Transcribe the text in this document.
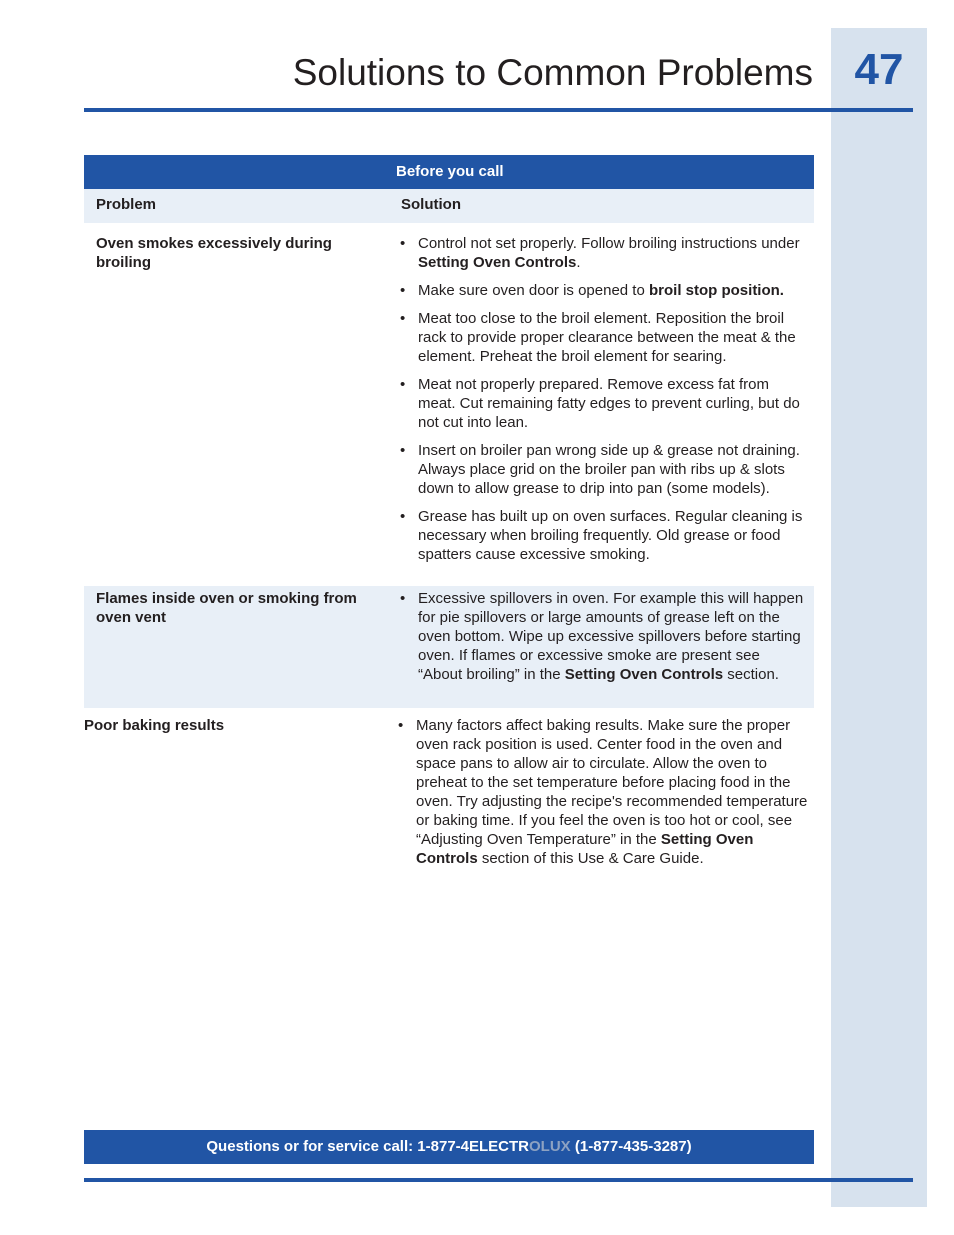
47
Solutions to Common Problems
Before you call
Problem	Solution
Oven smokes excessively during broiling
• Control not set properly. Follow broiling instructions under Setting Oven Controls.
• Make sure oven door is opened to broil stop position.
• Meat too close to the broil element. Reposition the broil rack to provide proper clearance between the meat & the element. Preheat the broil element for searing.
• Meat not properly prepared. Remove excess fat from meat. Cut remaining fatty edges to prevent curling, but do not cut into lean.
• Insert on broiler pan wrong side up & grease not draining. Always place grid on the broiler pan with ribs up & slots down to allow grease to drip into pan (some models).
• Grease has built up on oven surfaces. Regular cleaning is necessary when broiling frequently. Old grease or food spatters cause excessive smoking.
Flames inside oven or smoking from oven vent
• Excessive spillovers in oven. For example this will happen for pie spillovers or large amounts of grease left on the oven bottom. Wipe up excessive spillovers before starting oven. If flames or excessive smoke are present see “About broiling” in the Setting Oven Controls section.
Poor baking results	• Many factors affect baking results. Make sure the proper oven rack position is used. Center food in the oven and space pans to allow air to circulate. Allow the oven to preheat to the set temperature before placing food in the oven. Try adjusting the recipe's recommended temperature or baking time. If you feel the oven is too hot or cool, see “Adjusting Oven Temperature” in the Setting Oven Controls section of this Use & Care Guide.
Questions or for service call: 1-877-4ELECTROLUX (1-877-435-3287)
